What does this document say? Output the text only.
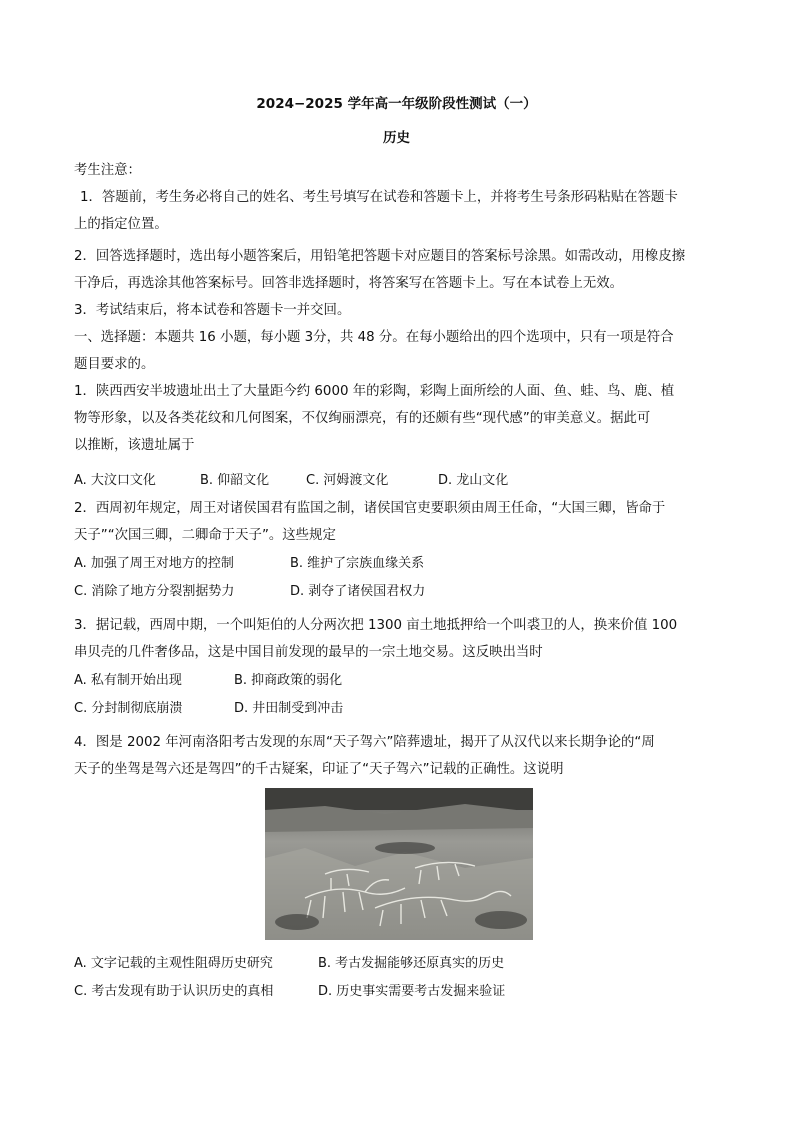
2024−2025 学年高一年级阶段性测试（一）
历史
考生注意：
1．答题前，考生务必将自己的姓名、考生号填写在试卷和答题卡上，并将考生号条形码粘贴在答题卡
上的指定位置。
2．回答选择题时，选出每小题答案后，用铅笔把答题卡对应题目的答案标号涂黑。如需改动，用橡皮擦
干净后，再选涂其他答案标号。回答非选择题时，将答案写在答题卡上。写在本试卷上无效。
3．考试结束后，将本试卷和答题卡一并交回。
一、选择题：本题共 16 小题，每小题 3分，共 48 分。在每小题给出的四个选项中，只有一项是符合
题目要求的。
1．陕西西安半坡遗址出土了大量距今约 6000 年的彩陶，彩陶上面所绘的人面、鱼、蛙、鸟、鹿、植
物等形象，以及各类花纹和几何图案，不仅绚丽漂亮，有的还颇有些“现代感”的审美意义。据此可
以推断，该遗址属于
A. 大汶口文化	B. 仰韶文化	C. 河姆渡文化	D. 龙山文化
2．西周初年规定，周王对诸侯国君有监国之制，诸侯国官吏要职须由周王任命，“大国三卿，皆命于
天子”“次国三卿，二卿命于天子”。这些规定
A. 加强了周王对地方的控制	B. 维护了宗族血缘关系
C. 消除了地方分裂割据势力	D. 剥夺了诸侯国君权力
3．据记载，西周中期，一个叫矩伯的人分两次把 1300 亩土地抵押给一个叫裘卫的人，换来价值 100
串贝壳的几件奢侈品，这是中国目前发现的最早的一宗土地交易。这反映出当时
A. 私有制开始出现	B. 抑商政策的弱化
C. 分封制彻底崩溃	D. 井田制受到冲击
4．图是 2002 年河南洛阳考古发现的东周“天子驾六”陪葬遗址，揭开了从汉代以来长期争论的“周
天子的坐驾是驾六还是驾四”的千古疑案，印证了“天子驾六”记载的正确性。这说明
A. 文字记载的主观性阻碍历史研究	B. 考古发掘能够还原真实的历史
C. 考古发现有助于认识历史的真相	D. 历史事实需要考古发掘来验证
